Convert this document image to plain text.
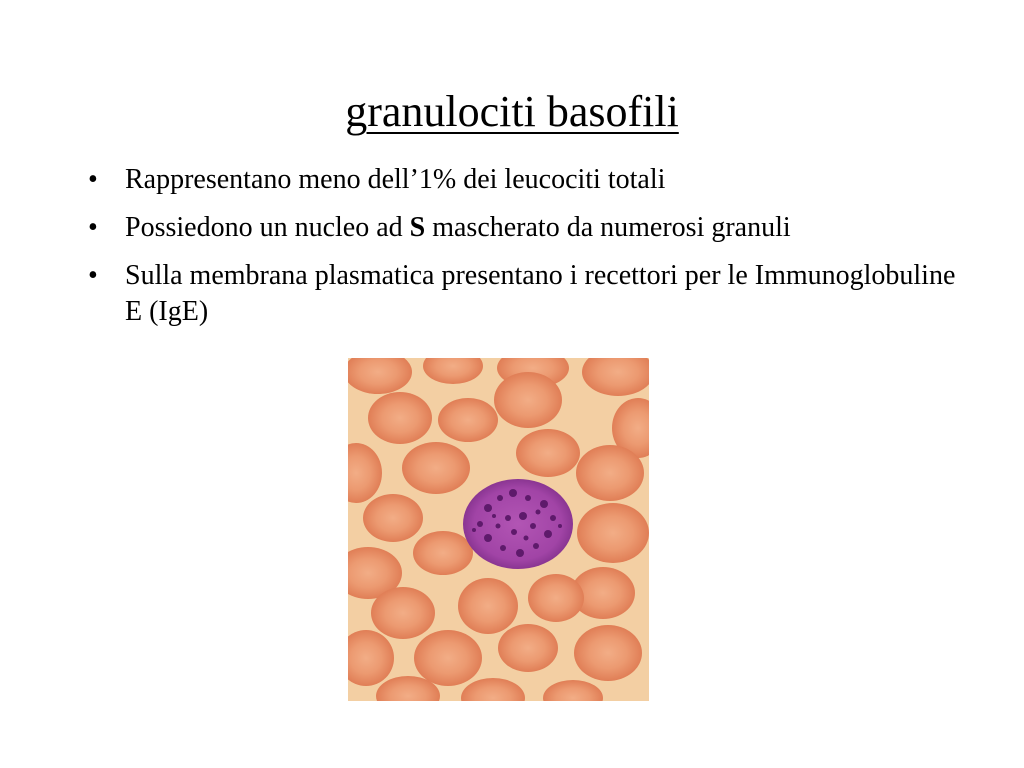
granulociti basofili
• Rappresentano meno dell’1% dei leucociti totali
• Possiedono un nucleo ad S mascherato da numerosi granuli
• Sulla membrana plasmatica presentano i recettori per le Immunoglobuline E (IgE)
